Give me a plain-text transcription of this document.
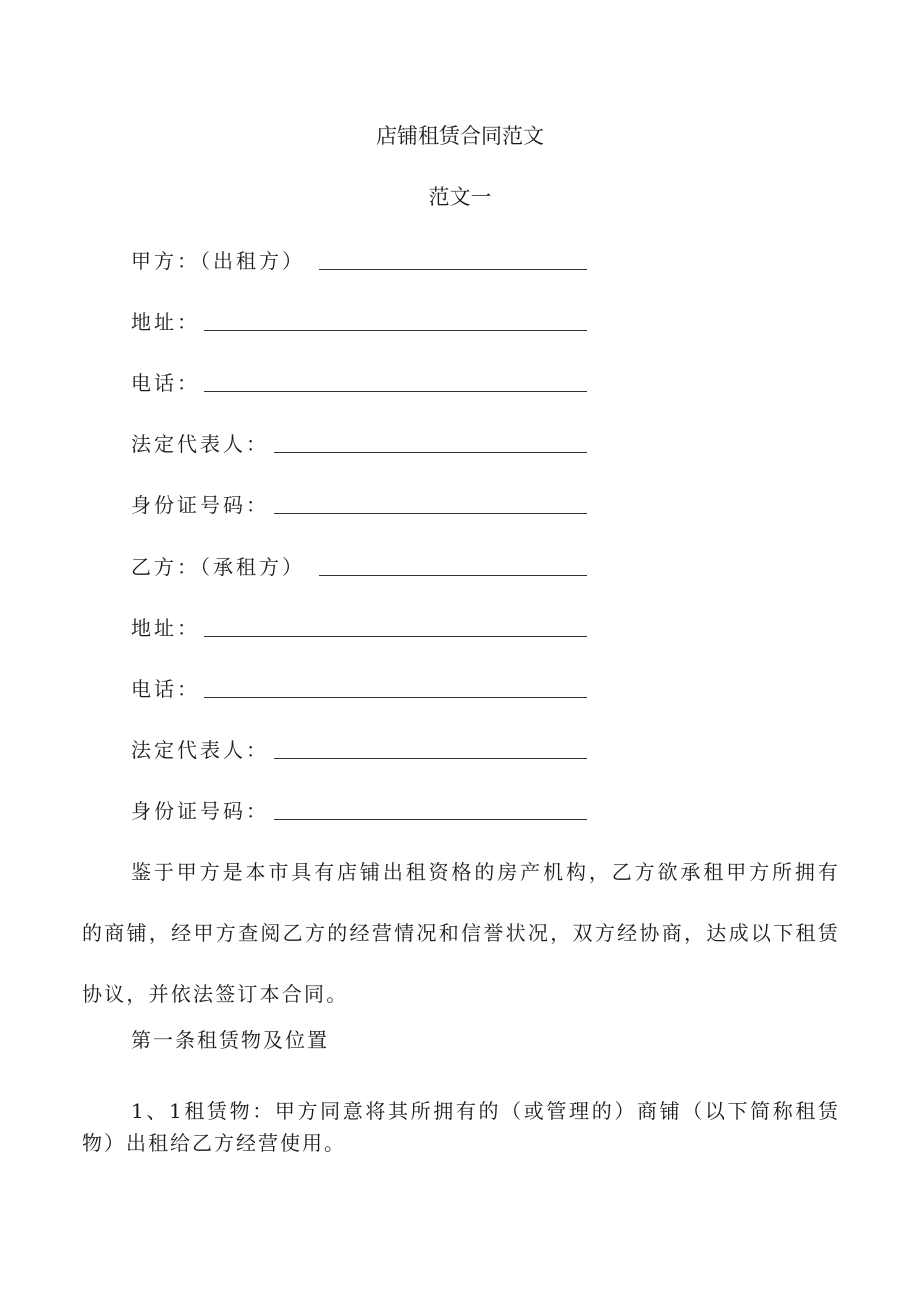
店铺租赁合同范文
范文一
甲方：（出租方）
地址：
电话：
法定代表人：
身份证号码：
乙方：（承租方）
地址：
电话：
法定代表人：
身份证号码：

鉴于甲方是本市具有店铺出租资格的房产机构，乙方欲承租甲方所拥有的商铺，经甲方查阅乙方的经营情况和信誉状况，双方经协商，达成以下租赁协议，并依法签订本合同。

第一条租赁物及位置

1、1租赁物：甲方同意将其所拥有的（或管理的）商铺（以下简称租赁物）出租给乙方经营使用。
